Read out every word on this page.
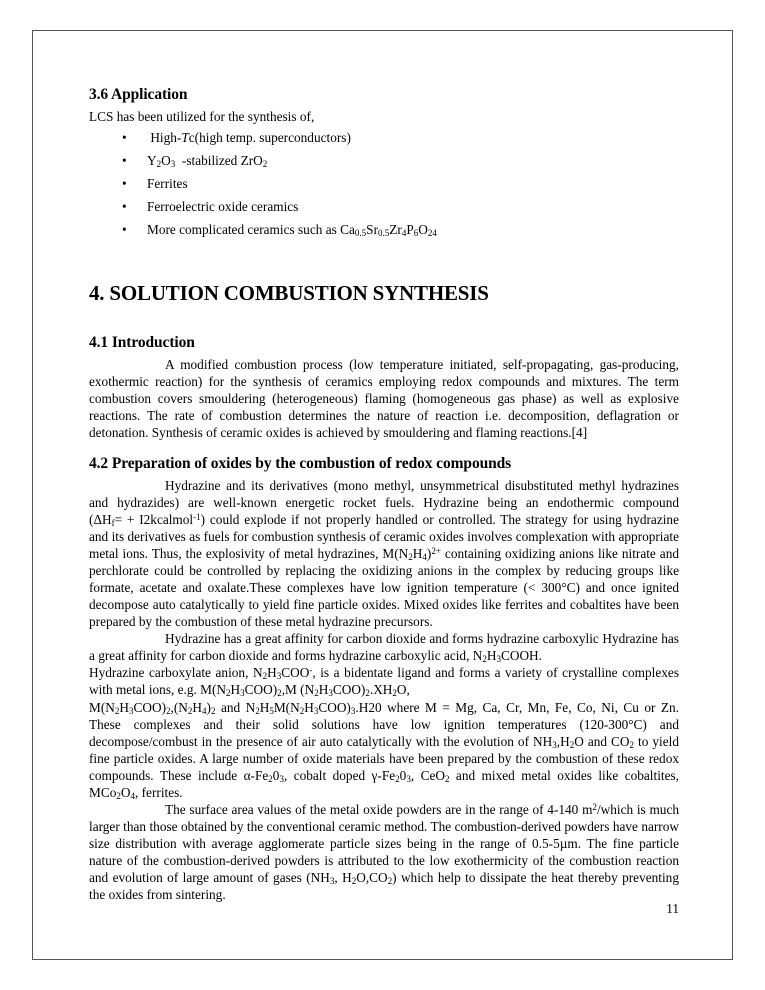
3.6 Application
LCS has been utilized for the synthesis of,
• High-Tc(high temp. superconductors)
• $Y_2O_3$  -stabilized ZrO$_2$
• Ferrites
• Ferroelectric oxide ceramics
• More complicated ceramics such as $Ca_{0.5}Sr_{0.5}Zr_4P_6O_{24}$
4. SOLUTION COMBUSTION SYNTHESIS
4.1 Introduction

A modified combustion process (low temperature initiated, self-propagating, gas-producing, exothermic reaction) for the synthesis of ceramics employing redox compounds and mixtures. The term combustion covers smouldering (heterogeneous) flaming (homogeneous gas phase) as well as explosive reactions. The rate of combustion determines the nature of reaction i.e. decomposition, deflagration or detonation. Synthesis of ceramic oxides is achieved by smouldering and flaming reactions.[4]

4.2 Preparation of oxides by the combustion of redox compounds

Hydrazine and its derivatives (mono methyl, unsymmetrical disubstituted methyl hydrazines and hydrazides) are well-known energetic rocket fuels. Hydrazine being an endothermic compound ($\Delta H_f=$ + I2kcalmol$^{-1}$) could explode if not properly handled or controlled. The strategy for using hydrazine and its derivatives as fuels for combustion synthesis of ceramic oxides involves complexation with appropriate metal ions. Thus, the explosivity of metal hydrazines, $M(N_2H_4)^{2+}$ containing oxidizing anions like nitrate and perchlorate could be controlled by replacing the oxidizing anions in the complex by reducing groups like formate, acetate and oxalate.These complexes have low ignition temperature (< 300°C) and once ignited decompose auto catalytically to yield fine particle oxides. Mixed oxides like ferrites and cobaltites have been prepared by the combustion of these metal hydrazine precursors.

Hydrazine has a great affinity for carbon dioxide and forms hydrazine carboxylic Hydrazine has a great affinity for carbon dioxide and forms hydrazine carboxylic acid, $N_2H_3COOH$.

Hydrazine carboxylate anion, $N_2H_3COO^-$, is a bidentate ligand and forms a variety of crystalline complexes with metal ions, e.g. $M(N_2H_3COO)_2,M$ $(N_2H_3COO)_2.XH_2O$,

$M(N_2H_3COO)_2,(N_2H_4)_2$ and $N_2H_5M(N_2H_3COO)_3.H20$ where M = Mg, Ca, Cr, Mn, Fe, Co, Ni, Cu or Zn. These complexes and their solid solutions have low ignition temperatures (120-300°C) and decompose/combust in the presence of air auto catalytically with the evolution of $NH_3,H_2O$ and $CO_2$ to yield fine particle oxides. A large number of oxide materials have been prepared by the combustion of these redox compounds. These include $\alpha-Fe_20_3$, cobalt doped $\gamma-Fe_20_3$, CeO$_2$ and mixed metal oxides like cobaltites, $MCo_2O_4$, ferrites.

The surface area values of the metal oxide powders are in the range of 4-140 $m^2$/which is much larger than those obtained by the conventional ceramic method. The combustion-derived powders have narrow size distribution with average agglomerate particle sizes being in the range of 0.5-5µm. The fine particle nature of the combustion-derived powders is attributed to the low exothermicity of the combustion reaction and evolution of large amount of gases ($NH_3$, $H_2O,CO_2$) which help to dissipate the heat thereby preventing the oxides from sintering.

11
